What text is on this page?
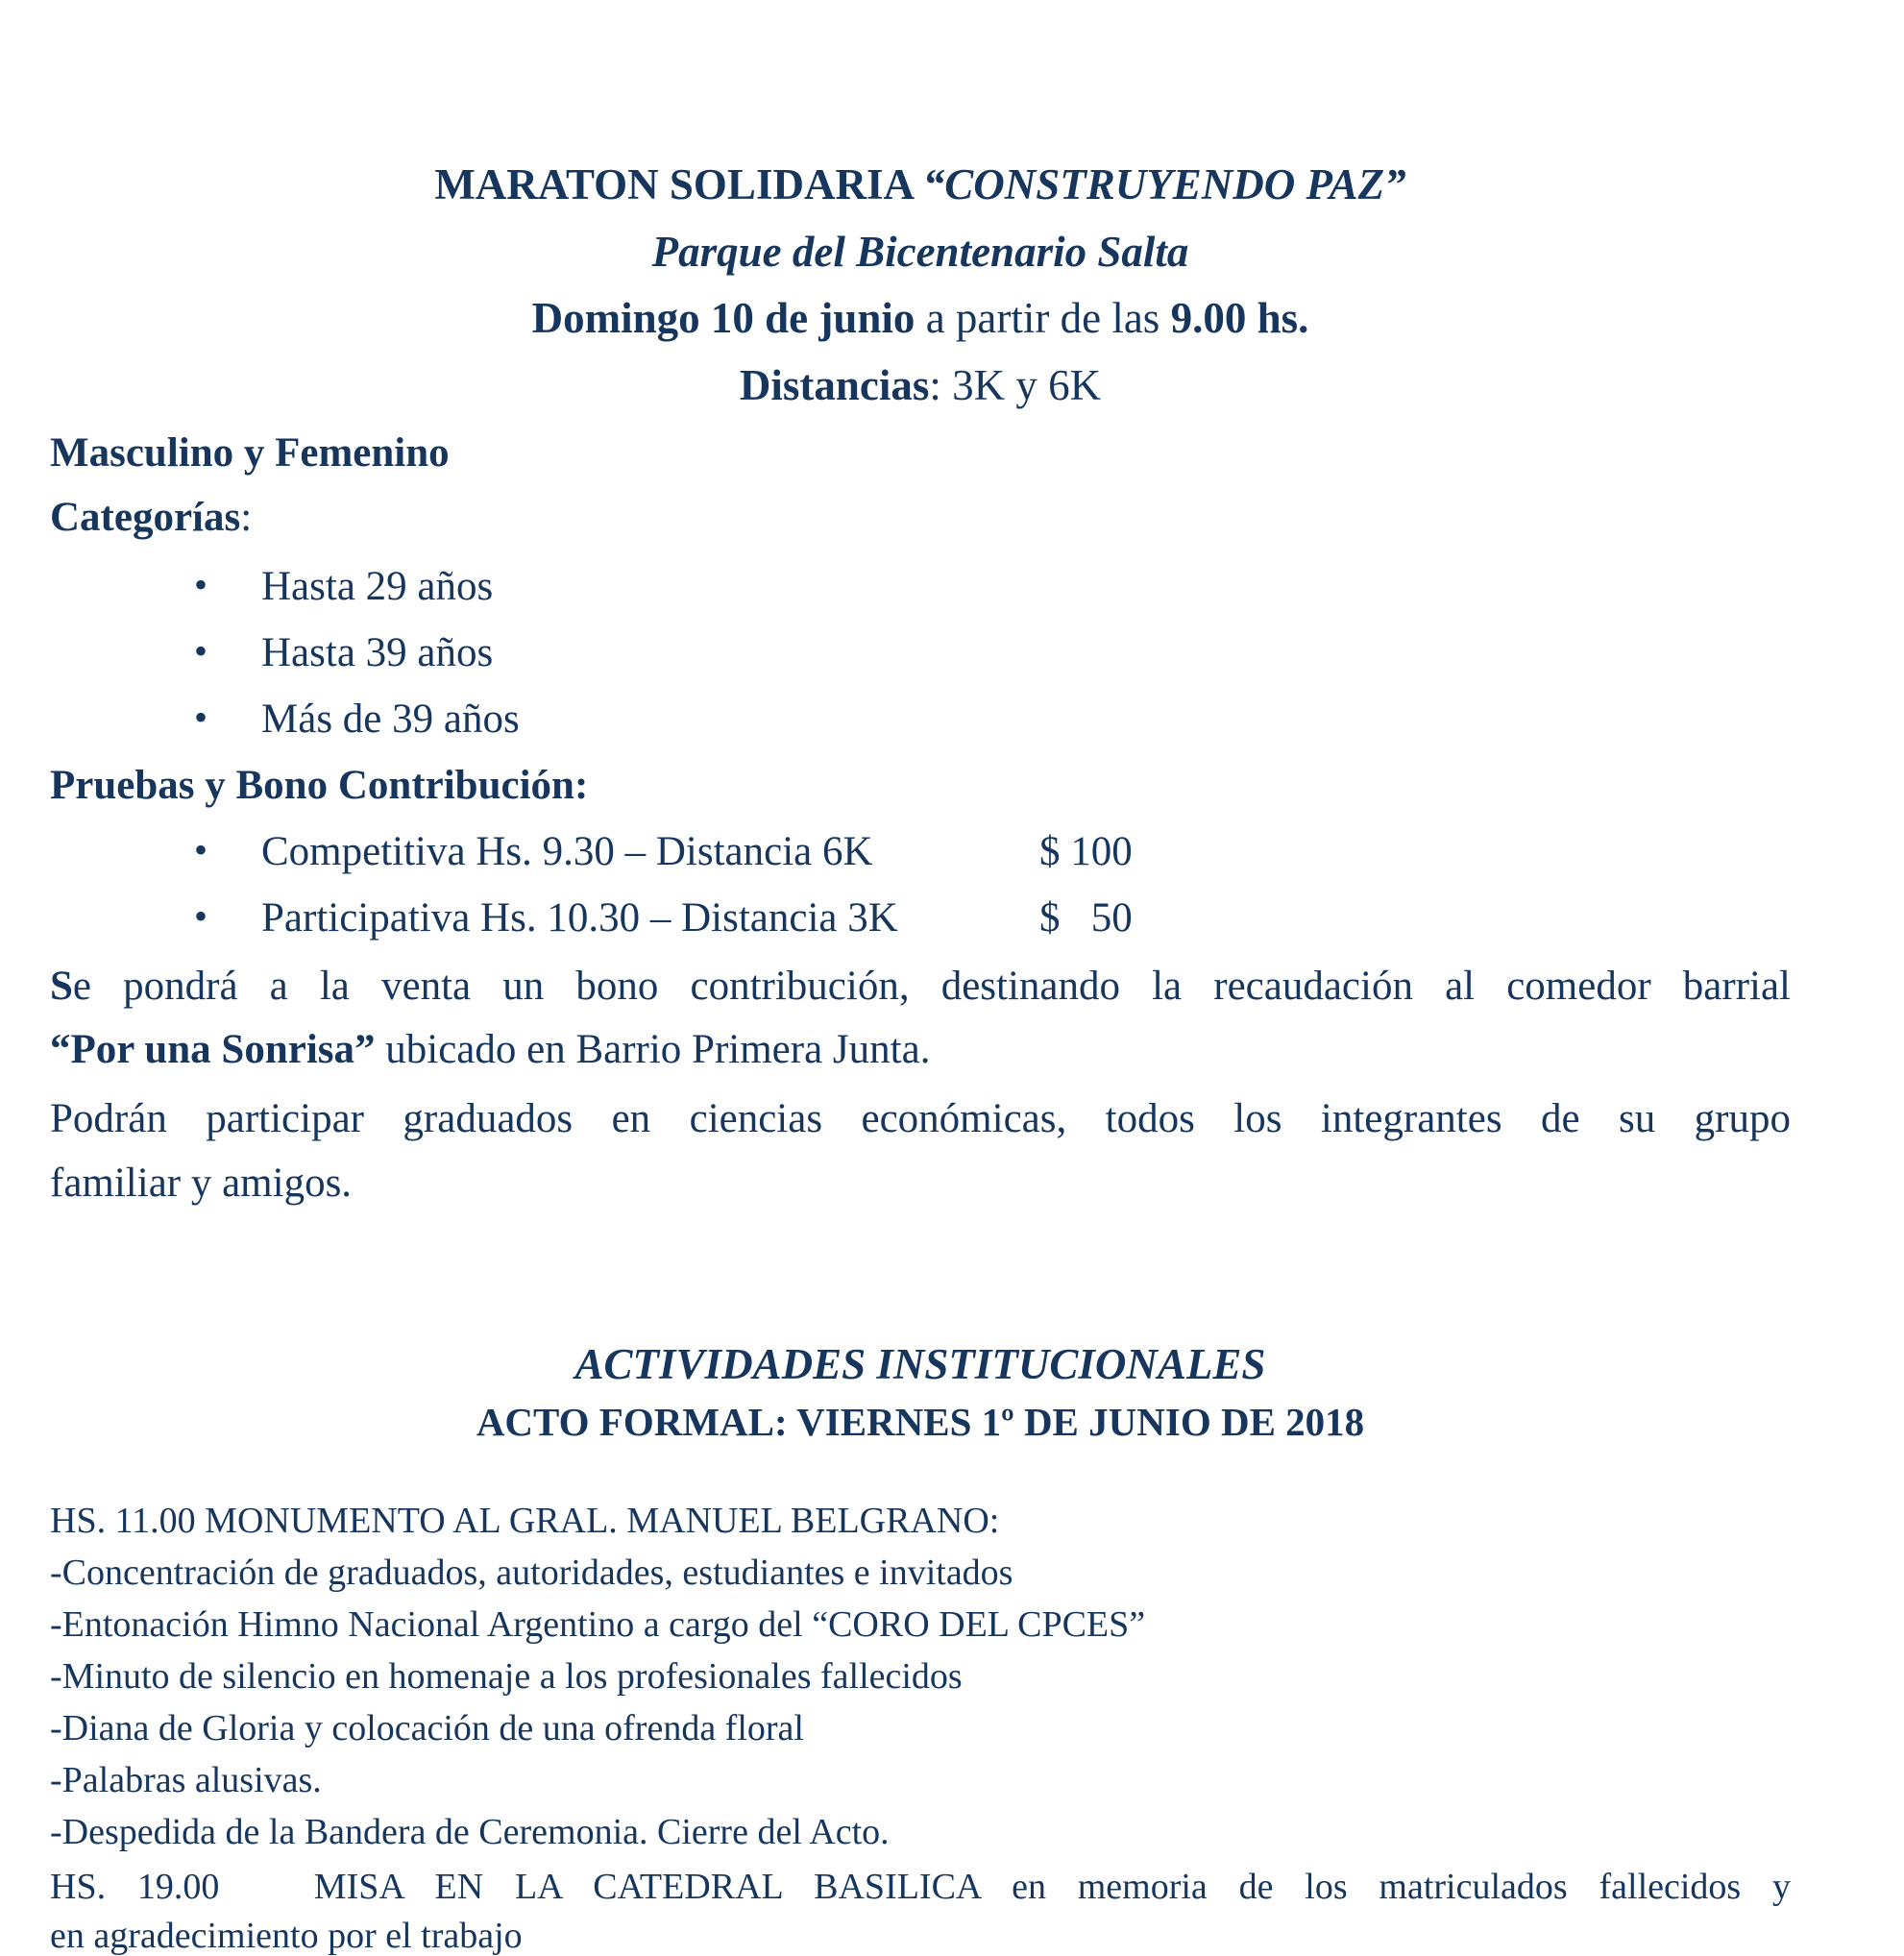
MARATON SOLIDARIA “CONSTRUYENDO PAZ”
Parque del Bicentenario Salta
Domingo 10 de junio a partir de las 9.00 hs.
Distancias: 3K y 6K
Masculino y Femenino
Categorías:
• Hasta 29 años
• Hasta 39 años
• Más de 39 años
Pruebas y Bono Contribución:
• Competitiva Hs. 9.30 – Distancia 6K	$ 100
• Participativa Hs. 10.30 – Distancia 3K	$   50
Se pondrá a la venta un bono contribución, destinando la recaudación al comedor barrial
“Por una Sonrisa” ubicado en Barrio Primera Junta.
Podrán participar graduados en ciencias económicas, todos los integrantes de su grupo
familiar y amigos.
ACTIVIDADES INSTITUCIONALES
ACTO FORMAL: VIERNES 1º DE JUNIO DE 2018
HS. 11.00 MONUMENTO AL GRAL. MANUEL BELGRANO:
-Concentración de graduados, autoridades, estudiantes e invitados
-Entonación Himno Nacional Argentino a cargo del “CORO DEL CPCES”
-Minuto de silencio en homenaje a los profesionales fallecidos
-Diana de Gloria y colocación de una ofrenda floral
-Palabras alusivas.
-Despedida de la Bandera de Ceremonia. Cierre del Acto.
HS. 19.00   MISA EN LA CATEDRAL BASILICA en memoria de los matriculados fallecidos y
en agradecimiento por el trabajo
